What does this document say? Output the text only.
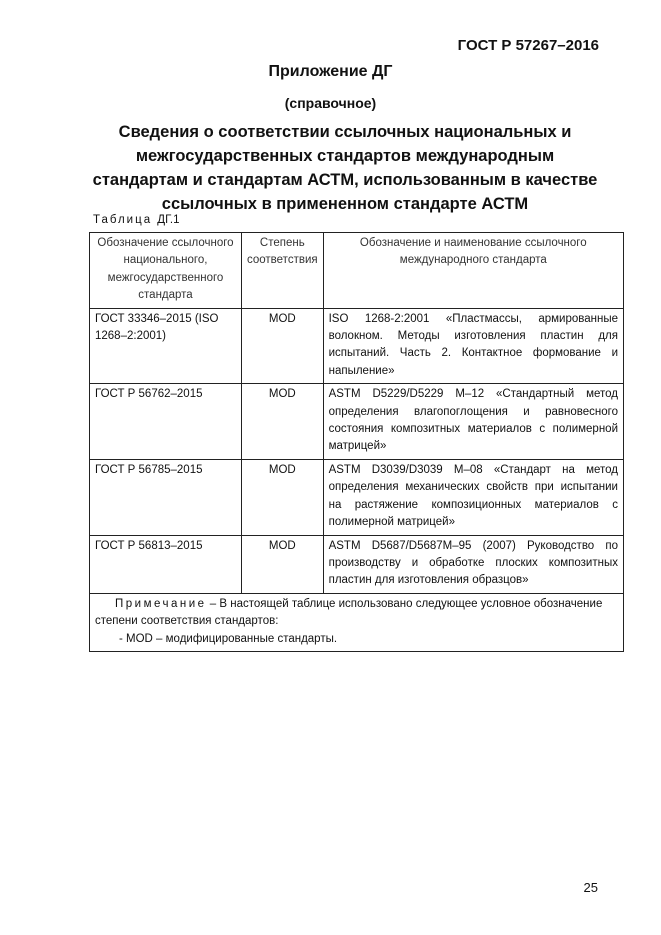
ГОСТ Р 57267–2016
Приложение ДГ
(справочное)
Сведения о соответствии ссылочных национальных и межгосударственных стандартов международным стандартам и стандартам АСТМ, использованным в качестве ссылочных в примененном стандарте АСТМ
Таблица ДГ.1
Обозначение ссылочного национального, межгосударственного стандарта	Степень соответствия	Обозначение и наименование ссылочного международного стандарта
ГОСТ 33346–2015 (ISO 1268–2:2001)	MOD	ISO 1268-2:2001 «Пластмассы, армированные волокном. Методы изготовления пластин для испытаний. Часть 2. Контактное формование и напыление»
ГОСТ Р 56762–2015	MOD	ASTM D5229/D5229 M–12 «Стандартный метод определения влагопоглощения и равновесного состояния композитных материалов с полимерной матрицей»
ГОСТ Р 56785–2015	MOD	ASTM D3039/D3039 M–08 «Стандарт на метод определения механических свойств при испытании на растяжение композиционных материалов с полимерной матрицей»
ГОСТ Р 56813–2015	MOD	ASTM D5687/D5687M–95 (2007) Руководство по производству и обработке плоских композитных пластин для изготовления образцов»
Примечание – В настоящей таблице использовано следующее условное обозначение степени соответствия стандартов:
- MOD – модифицированные стандарты.		
25
